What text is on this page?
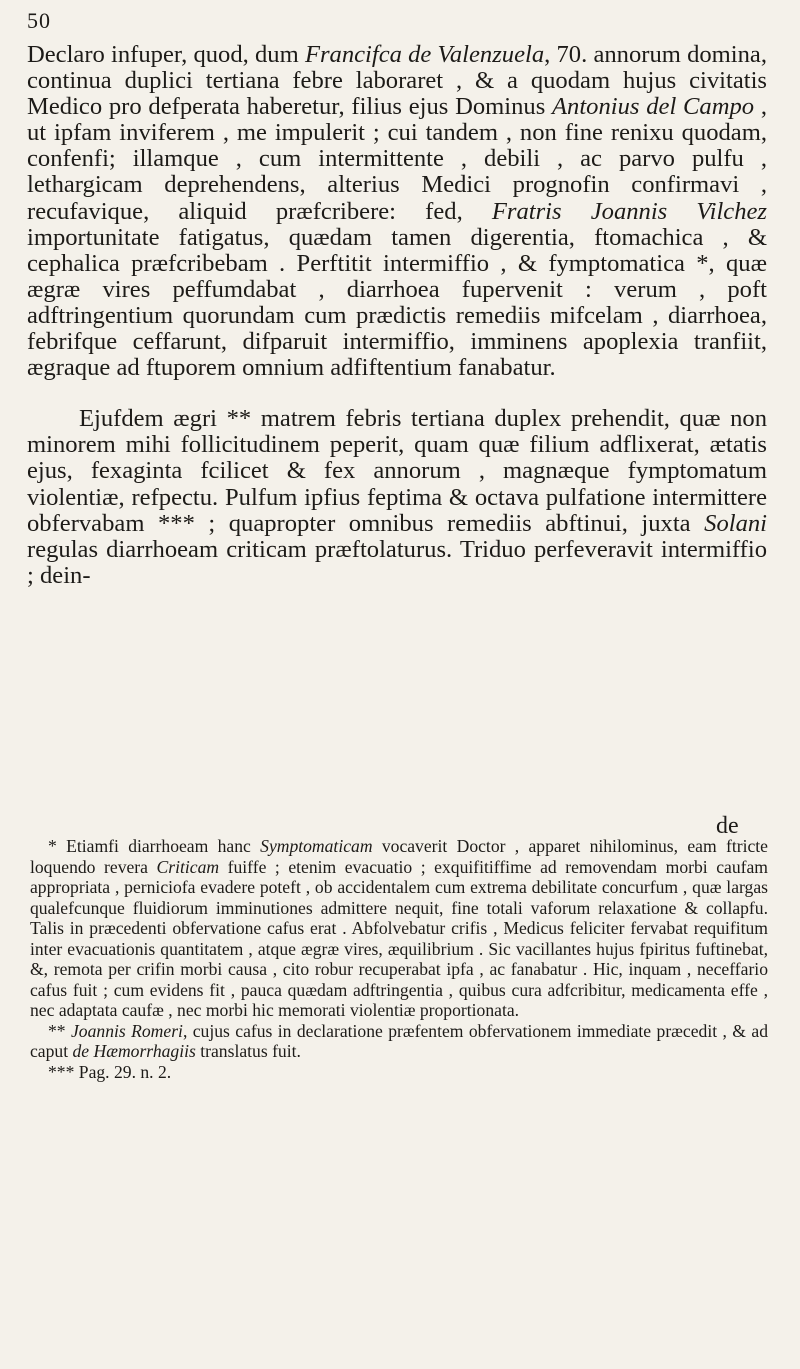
50

Declaro infuper, quod, dum Francifca de Valenzuela, 70. annorum domina, continua duplici tertiana febre laboraret , & a quodam hujus civitatis Medico pro defperata haberetur, filius ejus Dominus Antonius del Campo , ut ipfam inviferem , me impulerit ; cui tandem , non fine renixu quodam, confenfi; illamque , cum intermittente , debili , ac parvo pulfu , lethargicam deprehendens, alterius Medici prognofin confirmavi , recufavique, aliquid præfcribere: fed, Fratris Joannis Vilchez importunitate fatigatus, quædam tamen digerentia, ftomachica , & cephalica præfcribebam . Perftitit intermiffio , & fymptomatica *, quæ ægræ vires peffumdabat , diarrhoea fupervenit : verum , poft adftringentium quorundam cum prædictis remediis mifcelam , diarrhoea, febrifque ceffarunt, difparuit intermiffio, imminens apoplexia tranfiit, ægraque ad ftuporem omnium adfiftentium fanabatur.

Ejufdem ægri ** matrem febris tertiana duplex prehendit, quæ non minorem mihi follicitudinem peperit, quam quæ filium adflixerat, ætatis ejus, fexaginta fcilicet & fex annorum , magnæque fymptomatum violentiæ, refpectu. Pulfum ipfius feptima & octava pulfatione intermittere obfervabam *** ; quapropter omnibus remediis abftinui, juxta Solani regulas diarrhoeam criticam præftolaturus. Triduo perfeveravit intermiffio ; dein-

de

* Etiamfi diarrhoeam hanc Symptomaticam vocaverit Doctor , apparet nihilominus, eam ftricte loquendo revera Criticam fuiffe ; etenim evacuatio ; exquifitiffime ad removendam morbi caufam appropriata , perniciofa evadere poteft , ob accidentalem cum extrema debilitate concurfum , quæ largas qualefcunque fluidiorum imminutiones admittere nequit, fine totali vaforum relaxatione & collapfu. Talis in præcedenti obfervatione cafus erat . Abfolvebatur crifis , Medicus feliciter fervabat requifitum inter evacuationis quantitatem , atque ægræ vires, æquilibrium . Sic vacillantes hujus fpiritus fuftinebat, &, remota per crifin morbi causa , cito robur recuperabat ipfa , ac fanabatur . Hic, inquam , neceffario cafus fuit ; cum evidens fit , pauca quædam adftringentia , quibus cura adfcribitur, medicamenta effe , nec adaptata caufæ , nec morbi hic memorati violentiæ proportionata.

** Joannis Romeri, cujus cafus in declaratione præfentem obfervationem immediate præcedit , & ad caput de Hæmorrhagiis translatus fuit.

*** Pag. 29. n. 2.
